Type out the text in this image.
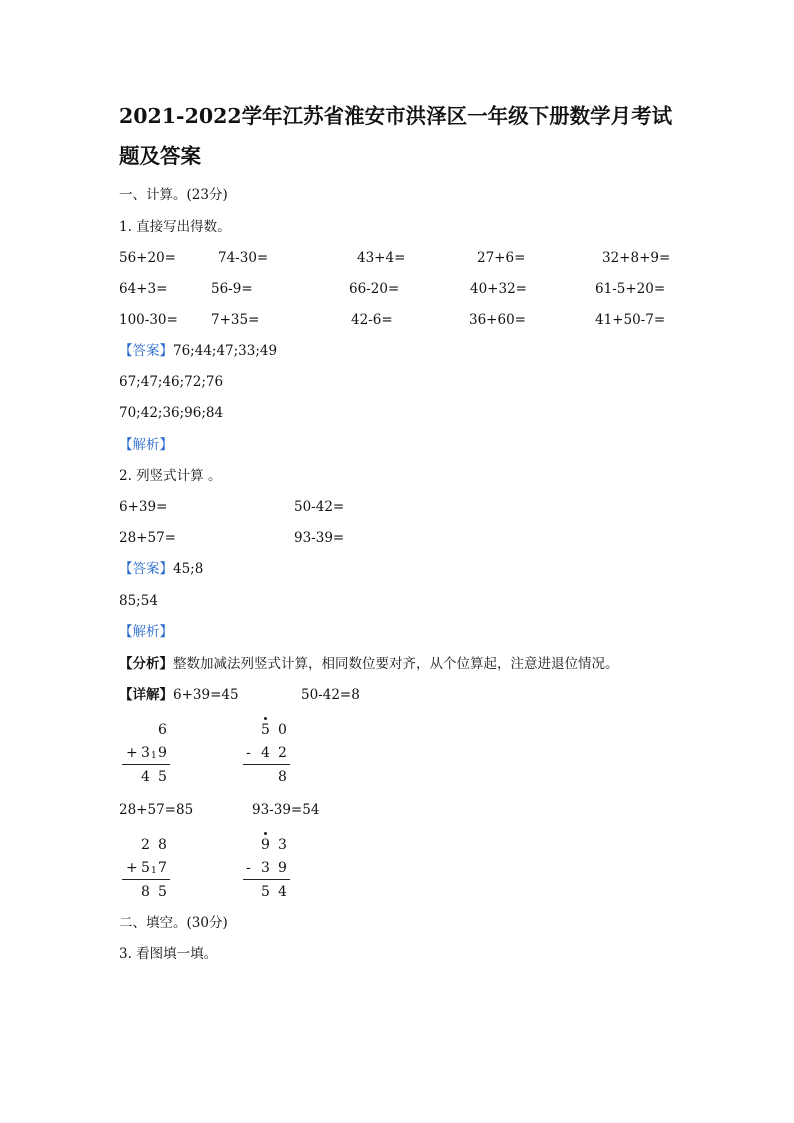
2021-2022学年江苏省淮安市洪泽区一年级下册数学月考试
题及答案
一、计算。(23分)
1. 直接写出得数。
56+20=	74-30=	43+4=	27+6=	32+8+9=
64+3=	56-9=	66-20=	40+32=	61-5+20=
100-30= 7+35=	42-6=	36+60=	41+50-7=
【答案】76;44;47;33;49
67;47;46;72;76
70;42;36;96;84
【解析】
2. 列竖式计算 。
6+39=	50-42=
28+57=	93-39=
【答案】45;8
85;54
【解析】
【分析】整数加减法列竖式计算，相同数位要对齐，从个位算起，注意进退位情况。
【详解】6+39=45	50-42=8
6
+ 3 1 9
4 5
5 0
- 4 2
8
28+57=85	93-39=54
2 8
+ 5 1 7
8 5
9 3
- 3 9
5 4
二、填空。(30分)
3. 看图填一填。
